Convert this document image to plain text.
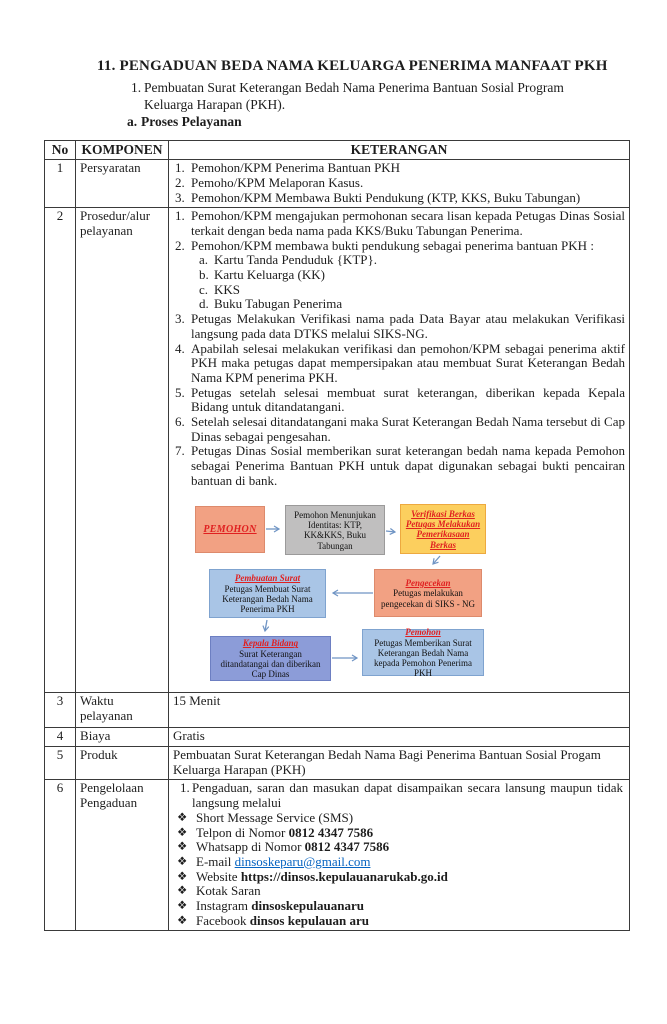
11. PENGADUAN BEDA NAMA KELUARGA PENERIMA MANFAAT PKH
1. Pembuatan Surat Keterangan Bedah Nama Penerima Bantuan Sosial Program Keluarga Harapan (PKH).
a. Proses Pelayanan
No	KOMPONEN	KETERANGAN
1	Persyaratan	1. Pemohon/KPM Penerima Bantuan PKH
2. Pemoho/KPM Melaporan Kasus.
3. Pemohon/KPM Membawa Bukti Pendukung (KTP, KKS, Buku Tabungan)

2	Prosedur/alur pelayanan	
1. Pemohon/KPM mengajukan permohonan secara lisan kepada Petugas Dinas Sosial terkait dengan beda nama pada KKS/Buku Tabungan Penerima.
2. Pemohon/KPM membawa bukti pendukung sebagai penerima bantuan PKH :
a. Kartu Tanda Penduduk {KTP}.
b. Kartu Keluarga (KK)
c. KKS
d. Buku Tabugan Penerima
3. Petugas Melakukan Verifikasi nama pada Data Bayar atau melakukan Verifikasi langsung pada data DTKS melalui SIKS-NG.
4. Apabilah selesai melakukan verifikasi dan pemohon/KPM sebagai penerima aktif PKH maka petugas dapat mempersipakan atau membuat Surat Keterangan Bedah Nama KPM penerima PKH.
5. Petugas setelah selesai membuat surat keterangan, diberikan kepada Kepala Bidang untuk ditandatangani.
6. Setelah selesai ditandatangani maka Surat Keterangan Bedah Nama tersebut di Cap Dinas sebagai pengesahan.
7. Petugas Dinas Sosial memberikan surat keterangan bedah nama kepada Pemohon sebagai Penerima Bantuan PKH untuk dapat digunakan sebagai bukti pencairan bantuan di bank.
PEMOHON
Pemohon Menunjukan Identitas: KTP, KK&KKS, Buku Tabungan
Verifikasi Berkas
Petugas Melakukan
Pemerikasaan
Berkas
Pembuatan Surat
Petugas Membuat Surat Keterangan Bedah Nama Penerima PKH
Pengecekan
Petugas melakukan pengecekan di SIKS - NG
Kepala Bidang
Surat Keterangan ditandatangai dan diberikan Cap Dinas
Pemohon
Petugas Memberikan Surat Keterangan Bedah Nama kepada Pemohon Penerima PKH

3	Waktu pelayanan	15 Menit
4	Biaya	Gratis
5	Produk	Pembuatan Surat Keterangan Bedah Nama Bagi Penerima Bantuan Sosial Progam Keluarga Harapan (PKH)
6	Pengelolaan Pengaduan	
1. Pengaduan, saran dan masukan dapat disampaikan secara lansung maupun tidak langsung melalui
❖ Short Message Service (SMS)
❖ Telpon di Nomor 0812 4347 7586
❖ Whatsapp di Nomor 0812 4347 7586
❖ E-mail dinsoskeparu@gmail.com
❖ Website https://dinsos.kepulauanarukab.go.id
❖ Kotak Saran
❖ Instagram dinsoskepulauanaru
❖ Facebook dinsos kepulauan aru
